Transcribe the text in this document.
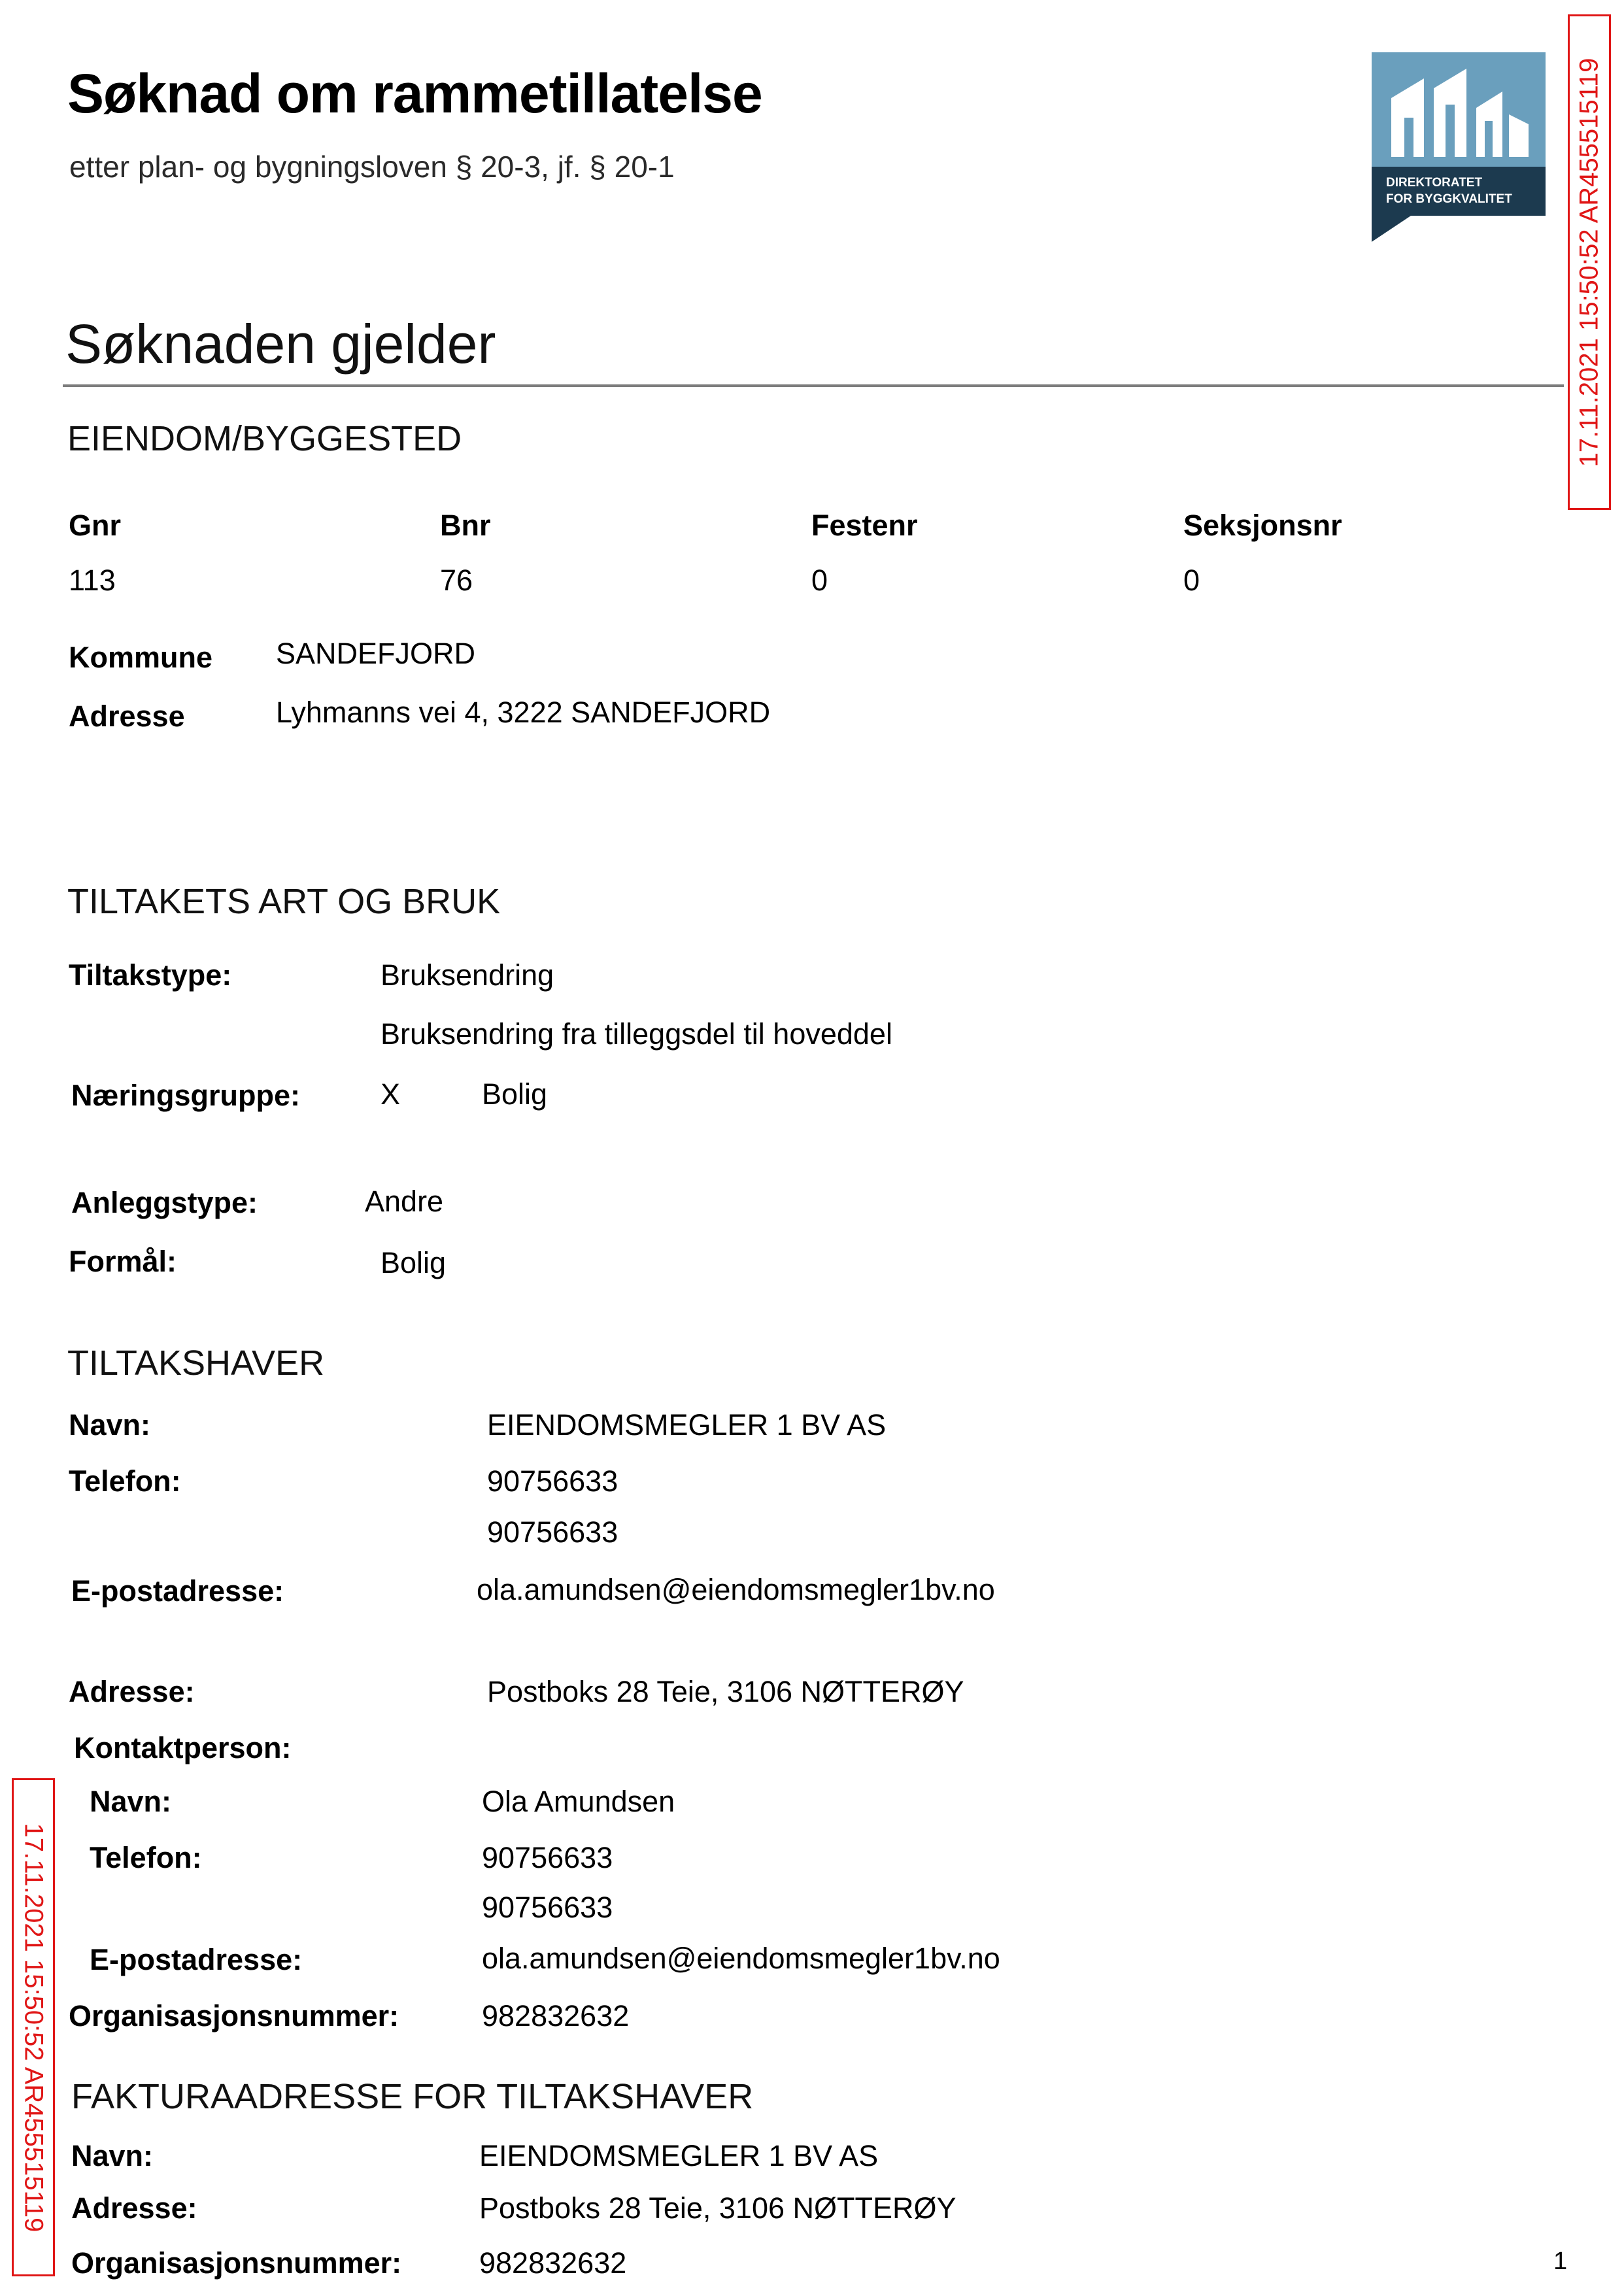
Søknad om rammetillatelse
etter plan- og bygningsloven § 20-3, jf. § 20-1	DIREKTORATET
FOR BYGGKVALITET 17.11.2021 15:50:52 AR455515119
17.11.2021 15:50:52 AR455515119
Søknaden gjelder
EIENDOM/BYGGESTED
Gnr	Bnr	Festenr	Seksjonsnr
113	76	0	0
Kommune SANDEFJORD
Adresse	Lyhmanns vei 4, 3222 SANDEFJORD
TILTAKETS ART OG BRUK
Tiltakstype:	Bruksendring
Bruksendring fra tilleggsdel til hoveddel
Næringsgruppe:	X	Bolig
Anleggstype:	Andre
Formål:	Bolig
TILTAKSHAVER
Navn:	EIENDOMSMEGLER 1 BV AS
Telefon:	90756633
90756633
E-postadresse:	ola.amundsen@eiendomsmegler1bv.no
Adresse:	Postboks 28 Teie, 3106 NØTTERØY
Kontaktperson:
Navn:	Ola Amundsen
Telefon:	90756633
90756633
E-postadresse:	ola.amundsen@eiendomsmegler1bv.no
Organisasjonsnummer:	982832632
FAKTURAADRESSE FOR TILTAKSHAVER
Navn:	EIENDOMSMEGLER 1 BV AS
Adresse:	Postboks 28 Teie, 3106 NØTTERØY
Organisasjonsnummer:	982832632	1
